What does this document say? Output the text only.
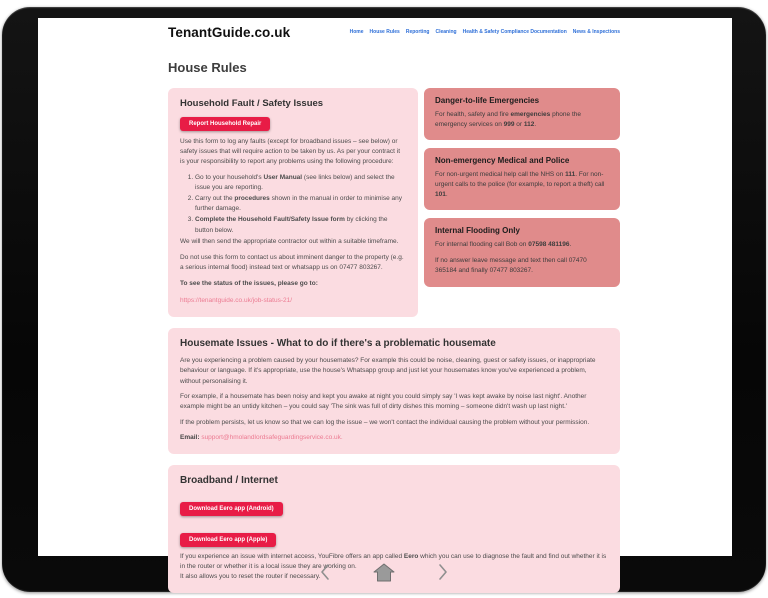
TenantGuide.co.uk	Home House Rules Reporting Cleaning Health & Safety Compliance Documentation News & Inspections
House Rules
Household Fault / Safety Issues
Report Household Repair

Use this form to log any faults (except for broadband issues – see below) or safety issues that will require action to be taken by us. As per your contract it is your responsibility to report any problems using the following procedure:

1. Go to your household's User Manual (see links below) and select the issue you are reporting.
2. Carry out the procedures shown in the manual in order to minimise any further damage.
3. Complete the Household Fault/Safety Issue form by clicking the button below.

We will then send the appropriate contractor out within a suitable timeframe.

Do not use this form to contact us about imminent danger to the property (e.g. a serious internal flood) instead text or whatsapp us on 07477 803267.

To see the status of the issues, please go to:

https://tenantguide.co.uk/job-status-21/
Danger-to-life Emergencies

For health, safety and fire emergencies phone the emergency services on 999 or 112.

Non-emergency Medical and Police

For non-urgent medical help call the NHS on 111. For non-urgent calls to the police (for example, to report a theft) call 101.

Internal Flooding Only

For internal flooding call Bob on 07598 481196.

If no answer leave message and text then call 07470 365184 and finally 07477 803267.

Housemate Issues - What to do if there's a problematic housemate

Are you experiencing a problem caused by your housemates? For example this could be noise, cleaning, guest or safety issues, or inappropriate behaviour or language. If it's appropriate, use the house's Whatsapp group and just let your housemates know you've experienced a problem, without personalising it.

For example, if a housemate has been noisy and kept you awake at night you could simply say 'I was kept awake by noise last night'. Another example might be an untidy kitchen – you could say 'The sink was full of dirty dishes this morning – someone didn't wash up last night.'

If the problem persists, let us know so that we can log the issue – we won't contact the individual causing the problem without your permission.

Email: support@hmolandlordsafeguardingservice.co.uk.

Broadband / Internet
Download Eero app (Android)
Download Eero app (Apple)

If you experience an issue with internet access, YouFibre offers an app called Eero which you can use to diagnose the fault and find out whether it is in the router or whether it is a local issue they are working on.

It also allows you to reset the router if necessary.
